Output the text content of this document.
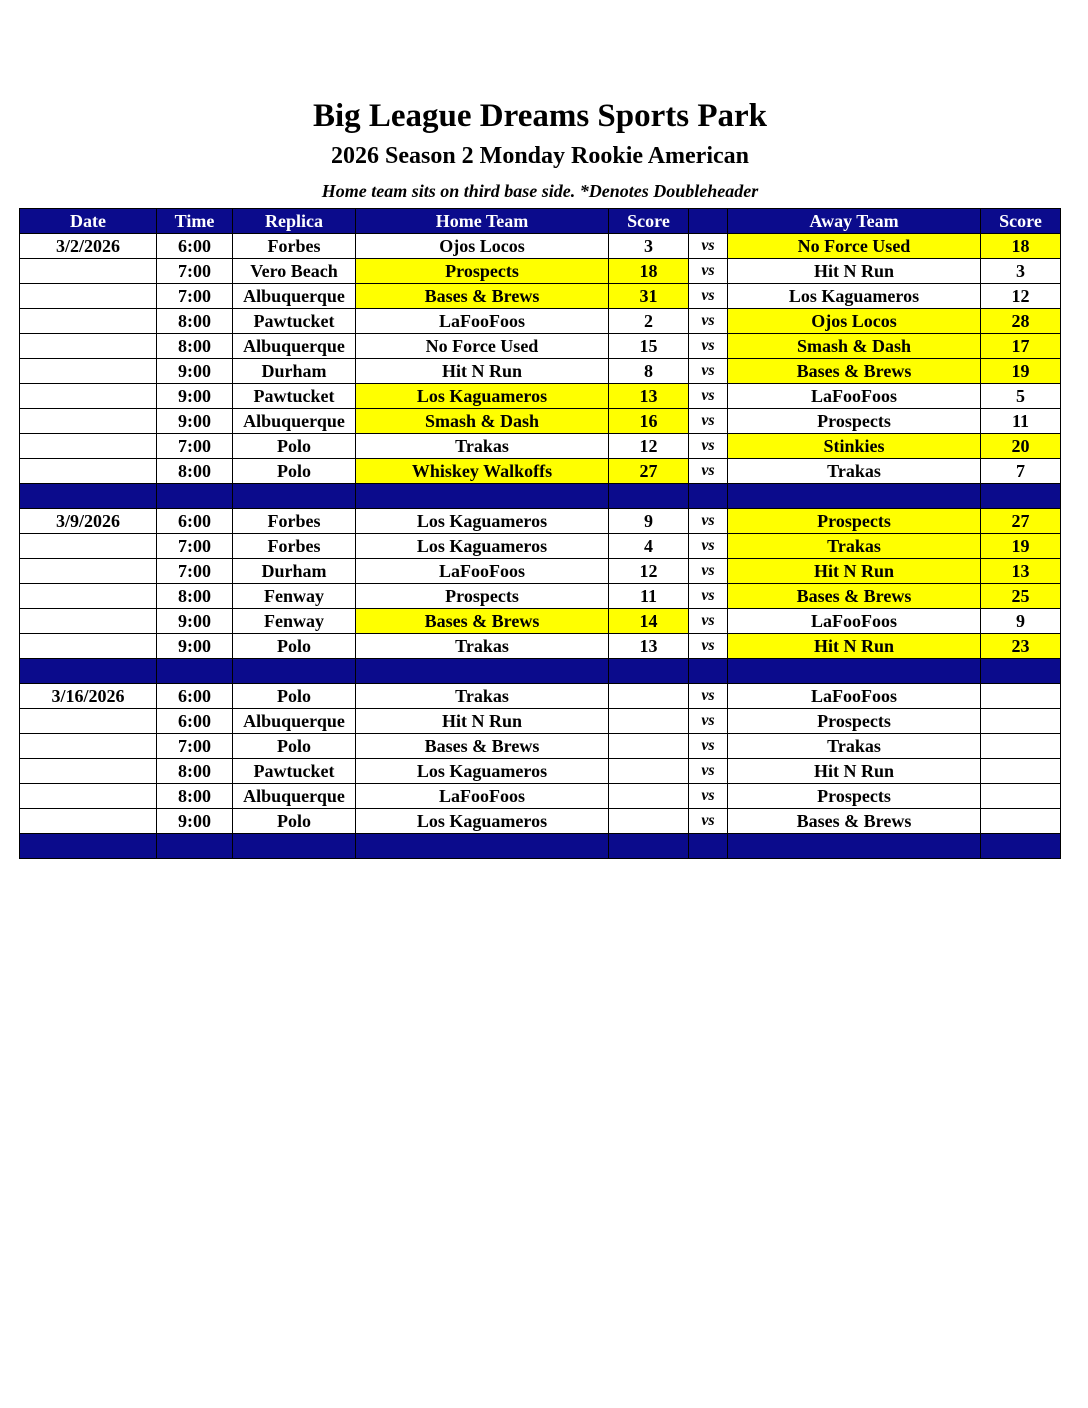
Big League Dreams Sports Park
2026 Season 2 Monday Rookie American
Home team sits on third base side. *Denotes Doubleheader
Date	Time	Replica	Home Team	Score		Away Team	Score
3/2/2026	6:00	Forbes	Ojos Locos	3	vs	No Force Used	18
	7:00	Vero Beach	Prospects	18	vs	Hit N Run	3
	7:00	Albuquerque	Bases & Brews	31	vs	Los Kaguameros	12
	8:00	Pawtucket	LaFooFoos	2	vs	Ojos Locos	28
	8:00	Albuquerque	No Force Used	15	vs	Smash & Dash	17
	9:00	Durham	Hit N Run	8	vs	Bases & Brews	19
	9:00	Pawtucket	Los Kaguameros	13	vs	LaFooFoos	5
	9:00	Albuquerque	Smash & Dash	16	vs	Prospects	11
	7:00	Polo	Trakas	12	vs	Stinkies	20
	8:00	Polo	Whiskey Walkoffs	27	vs	Trakas	7

3/9/2026	6:00	Forbes	Los Kaguameros	9	vs	Prospects	27
	7:00	Forbes	Los Kaguameros	4	vs	Trakas	19
	7:00	Durham	LaFooFoos	12	vs	Hit N Run	13
	8:00	Fenway	Prospects	11	vs	Bases & Brews	25
	9:00	Fenway	Bases & Brews	14	vs	LaFooFoos	9
	9:00	Polo	Trakas	13	vs	Hit N Run	23

3/16/2026	6:00	Polo	Trakas		vs	LaFooFoos	
	6:00	Albuquerque	Hit N Run		vs	Prospects	
	7:00	Polo	Bases & Brews		vs	Trakas	
	8:00	Pawtucket	Los Kaguameros		vs	Hit N Run	
	8:00	Albuquerque	LaFooFoos		vs	Prospects	
	9:00	Polo	Los Kaguameros		vs	Bases & Brews	
